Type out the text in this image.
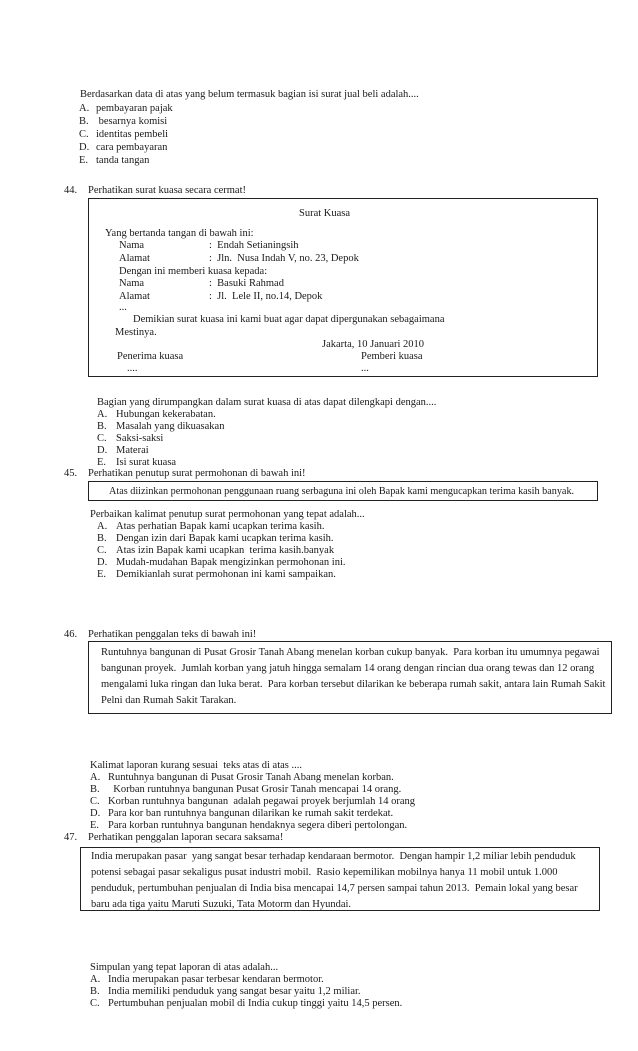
Berdasarkan data di atas yang belum termasuk bagian isi surat jual beli adalah....
A. pembayaran pajak
B. besarnya komisi
C. identitas pembeli
D. cara pembayaran
E. tanda tangan
44. Perhatikan surat kuasa secara cermat!
Surat Kuasa
Yang bertanda tangan di bawah ini:
Nama	:  Endah Setianingsih
Alamat	:  Jln.  Nusa Indah V, no. 23, Depok
Dengan ini memberi kuasa kepada:
Nama	:  Basuki Rahmad
Alamat	:  Jl.  Lele II, no.14, Depok
...
Demikian surat kuasa ini kami buat agar dapat dipergunakan sebagaimana
Mestinya.
Jakarta, 10 Januari 2010
Penerima kuasa	Pemberi kuasa
....	...
Bagian yang dirumpangkan dalam surat kuasa di atas dapat dilengkapi dengan....
A. Hubungan kekerabatan.
B. Masalah yang dikuasakan
C. Saksi-saksi
D. Materai
E. Isi surat kuasa
45. Perhatikan penutup surat permohonan di bawah ini!
Atas diizinkan permohonan penggunaan ruang serbaguna ini oleh Bapak kami mengucapkan terima kasih banyak.
Perbaikan kalimat penutup surat permohonan yang tepat adalah...
A. Atas perhatian Bapak kami ucapkan terima kasih.
B. Dengan izin dari Bapak kami ucapkan terima kasih.
C. Atas izin Bapak kami ucapkan  terima kasih.banyak
D. Mudah-mudahan Bapak mengizinkan permohonan ini.
E. Demikianlah surat permohonan ini kami sampaikan.
46. Perhatikan penggalan teks di bawah ini!
Runtuhnya bangunan di Pusat Grosir Tanah Abang menelan korban cukup banyak.  Para korban itu umumnya pegawai
bangunan proyek.  Jumlah korban yang jatuh hingga semalam 14 orang dengan rincian dua orang tewas dan 12 orang
mengalami luka ringan dan luka berat.  Para korban tersebut dilarikan ke beberapa rumah sakit, antara lain Rumah Sakit
Pelni dan Rumah Sakit Tarakan.
Kalimat laporan kurang sesuai  teks atas di atas ....
A. Runtuhnya bangunan di Pusat Grosir Tanah Abang menelan korban.
B. Korban runtuhnya bangunan Pusat Grosir Tanah mencapai 14 orang.
C. Korban runtuhnya bangunan  adalah pegawai proyek berjumlah 14 orang
D. Para kor ban runtuhnya bangunan dilarikan ke rumah sakit terdekat.
E. Para korban runtuhnya bangunan hendaknya segera diberi pertolongan.
47. Perhatikan penggalan laporan secara saksama!
India merupakan pasar  yang sangat besar terhadap kendaraan bermotor.  Dengan hampir 1,2 miliar lebih penduduk
potensi sebagai pasar sekaligus pusat industri mobil.  Rasio kepemilikan mobilnya hanya 11 mobil untuk 1.000
penduduk, pertumbuhan penjualan di India bisa mencapai 14,7 persen sampai tahun 2013.  Pemain lokal yang besar
baru ada tiga yaitu Maruti Suzuki, Tata Motorm dan Hyundai.
Simpulan yang tepat laporan di atas adalah...
A. India merupakan pasar terbesar kendaran bermotor.
B. India memiliki penduduk yang sangat besar yaitu 1,2 miliar.
C. Pertumbuhan penjualan mobil di India cukup tinggi yaitu 14,5 persen.
